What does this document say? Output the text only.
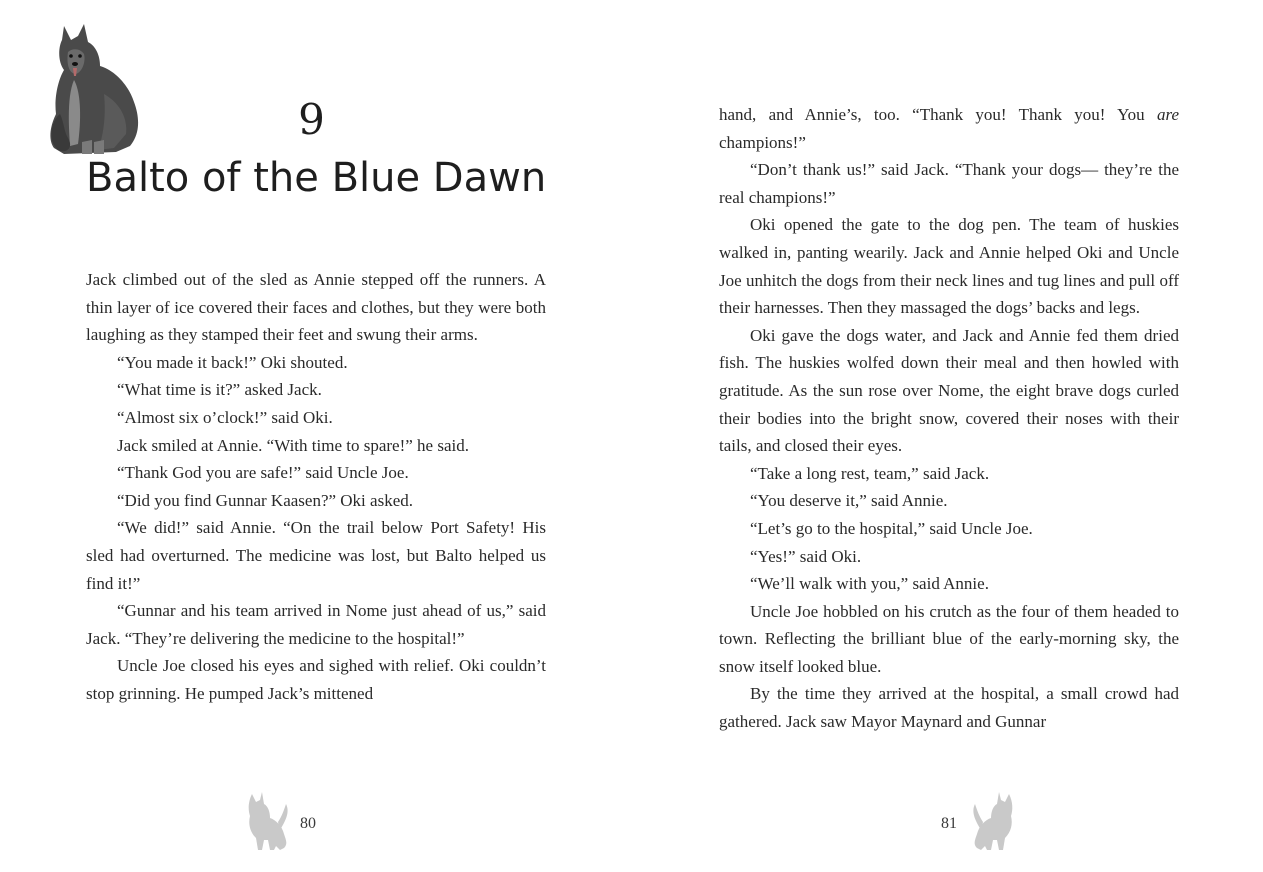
9
Balto of the Blue Dawn

Jack climbed out of the sled as Annie stepped off the runners. A thin layer of ice covered their faces and clothes, but they were both laughing as they stamped their feet and swung their arms.

“You made it back!” Oki shouted.

“What time is it?” asked Jack.

“Almost six o’clock!” said Oki.

Jack smiled at Annie. “With time to spare!” he said.

“Thank God you are safe!” said Uncle Joe.

“Did you find Gunnar Kaasen?” Oki asked.

“We did!” said Annie. “On the trail below Port Safety! His sled had overturned. The medicine was lost, but Balto helped us find it!”

“Gunnar and his team arrived in Nome just ahead of us,” said Jack. “They’re delivering the medicine to the hospital!”

Uncle Joe closed his eyes and sighed with relief. Oki couldn’t stop grinning. He pumped Jack’s mittened

80

hand, and Annie’s, too. “Thank you! Thank you! You are champions!”

“Don’t thank us!” said Jack. “Thank your dogs— they’re the real champions!”

Oki opened the gate to the dog pen. The team of huskies walked in, panting wearily. Jack and Annie helped Oki and Uncle Joe unhitch the dogs from their neck lines and tug lines and pull off their harnesses. Then they massaged the dogs’ backs and legs.

Oki gave the dogs water, and Jack and Annie fed them dried fish. The huskies wolfed down their meal and then howled with gratitude. As the sun rose over Nome, the eight brave dogs curled their bodies into the bright snow, covered their noses with their tails, and closed their eyes.

“Take a long rest, team,” said Jack.

“You deserve it,” said Annie.

“Let’s go to the hospital,” said Uncle Joe.

“Yes!” said Oki.

“We’ll walk with you,” said Annie.

Uncle Joe hobbled on his crutch as the four of them headed to town. Reflecting the brilliant blue of the early-morning sky, the snow itself looked blue.

By the time they arrived at the hospital, a small crowd had gathered. Jack saw Mayor Maynard and Gunnar

81
